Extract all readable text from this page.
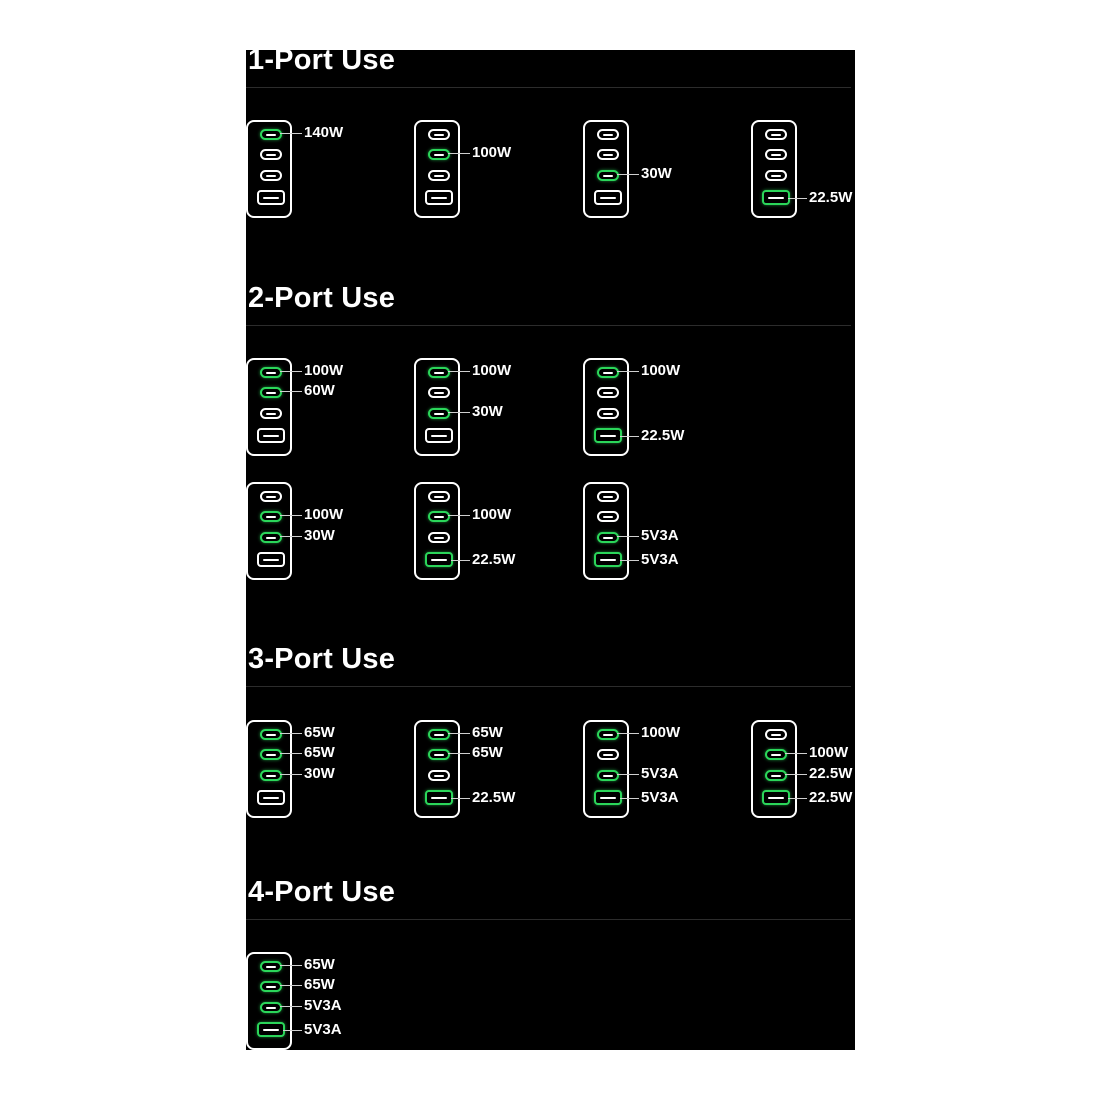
1-Port Use
140W
100W
30W
22.5W
2-Port Use
100W
60W
100W
30W
100W
22.5W
100W
30W
100W
22.5W
5V3A
5V3A
3-Port Use
65W
65W
30W
65W
65W
22.5W
100W
5V3A
5V3A
100W
22.5W
22.5W
4-Port Use
65W
65W
5V3A
5V3A
